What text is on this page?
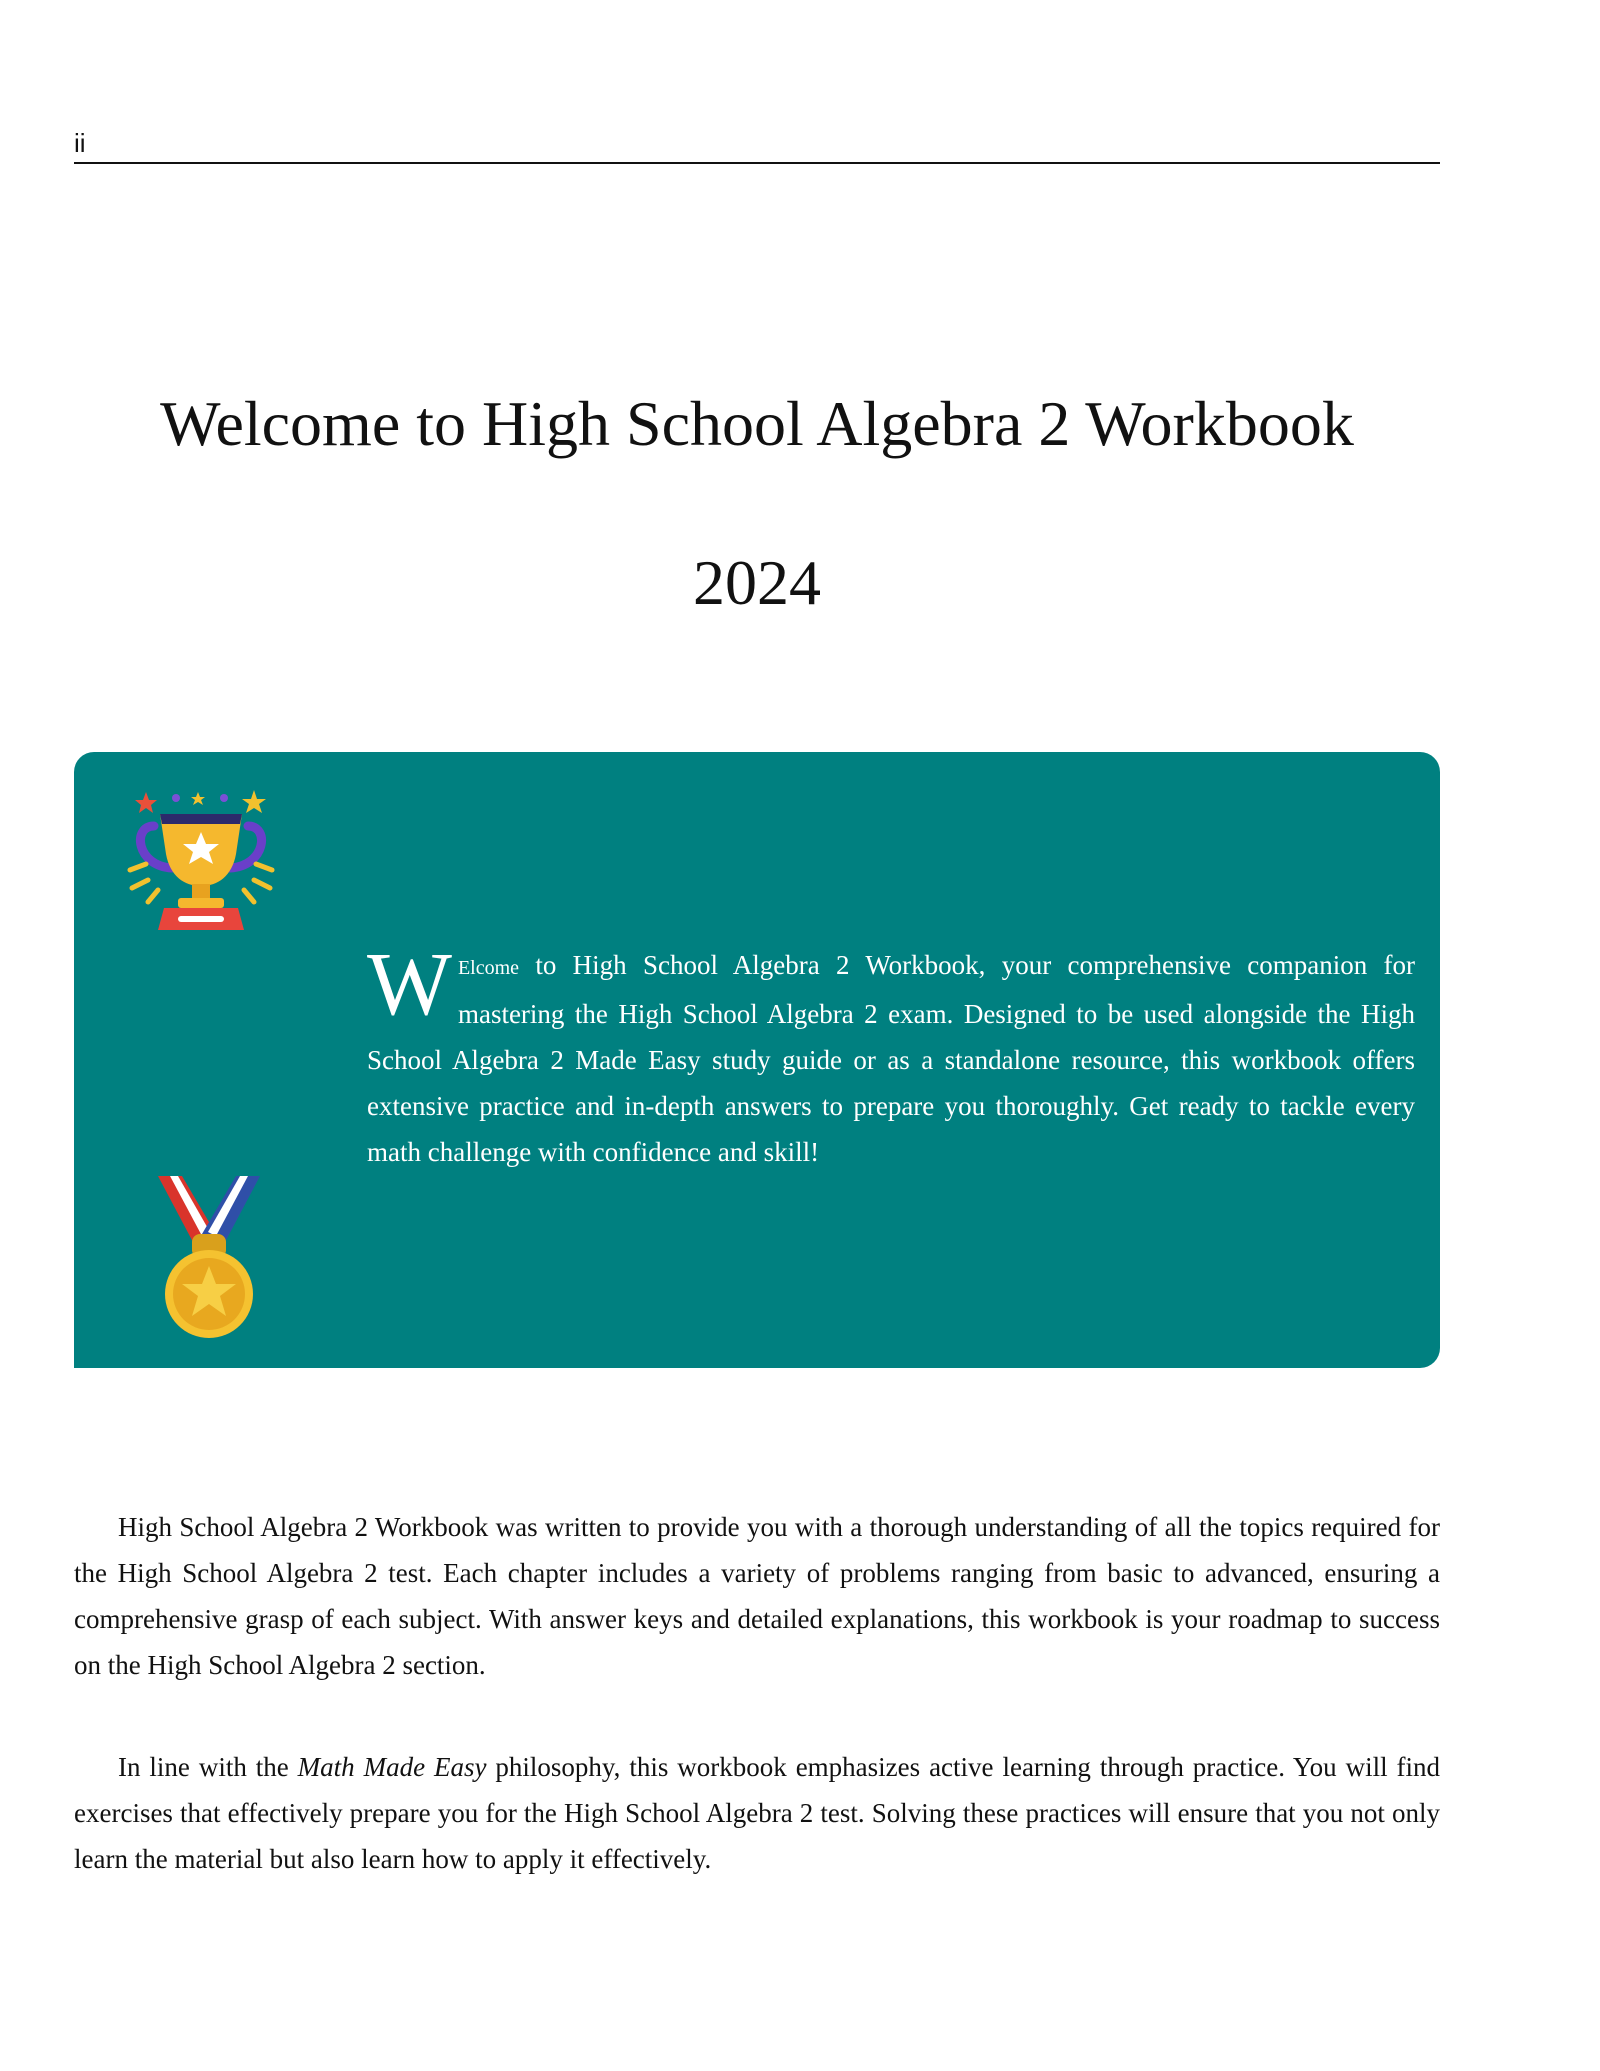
ii
Welcome to High School Algebra 2 Workbook
2024

W Elcome to High School Algebra 2 Workbook, your comprehensive companion for mastering the High School Algebra 2 exam. Designed to be used alongside the High School Algebra 2 Made Easy study guide or as a standalone resource, this workbook offers extensive practice and in-depth answers to prepare you thoroughly. Get ready to tackle every math challenge with confidence and skill!

High School Algebra 2 Workbook was written to provide you with a thorough understanding of all the topics required for the High School Algebra 2 test. Each chapter includes a variety of problems ranging from basic to advanced, ensuring a comprehensive grasp of each subject. With answer keys and detailed explanations, this workbook is your roadmap to success on the High School Algebra 2 section.

In line with the Math Made Easy philosophy, this workbook emphasizes active learning through practice. You will find exercises that effectively prepare you for the High School Algebra 2 test. Solving these practices will ensure that you not only learn the material but also learn how to apply it effectively.
